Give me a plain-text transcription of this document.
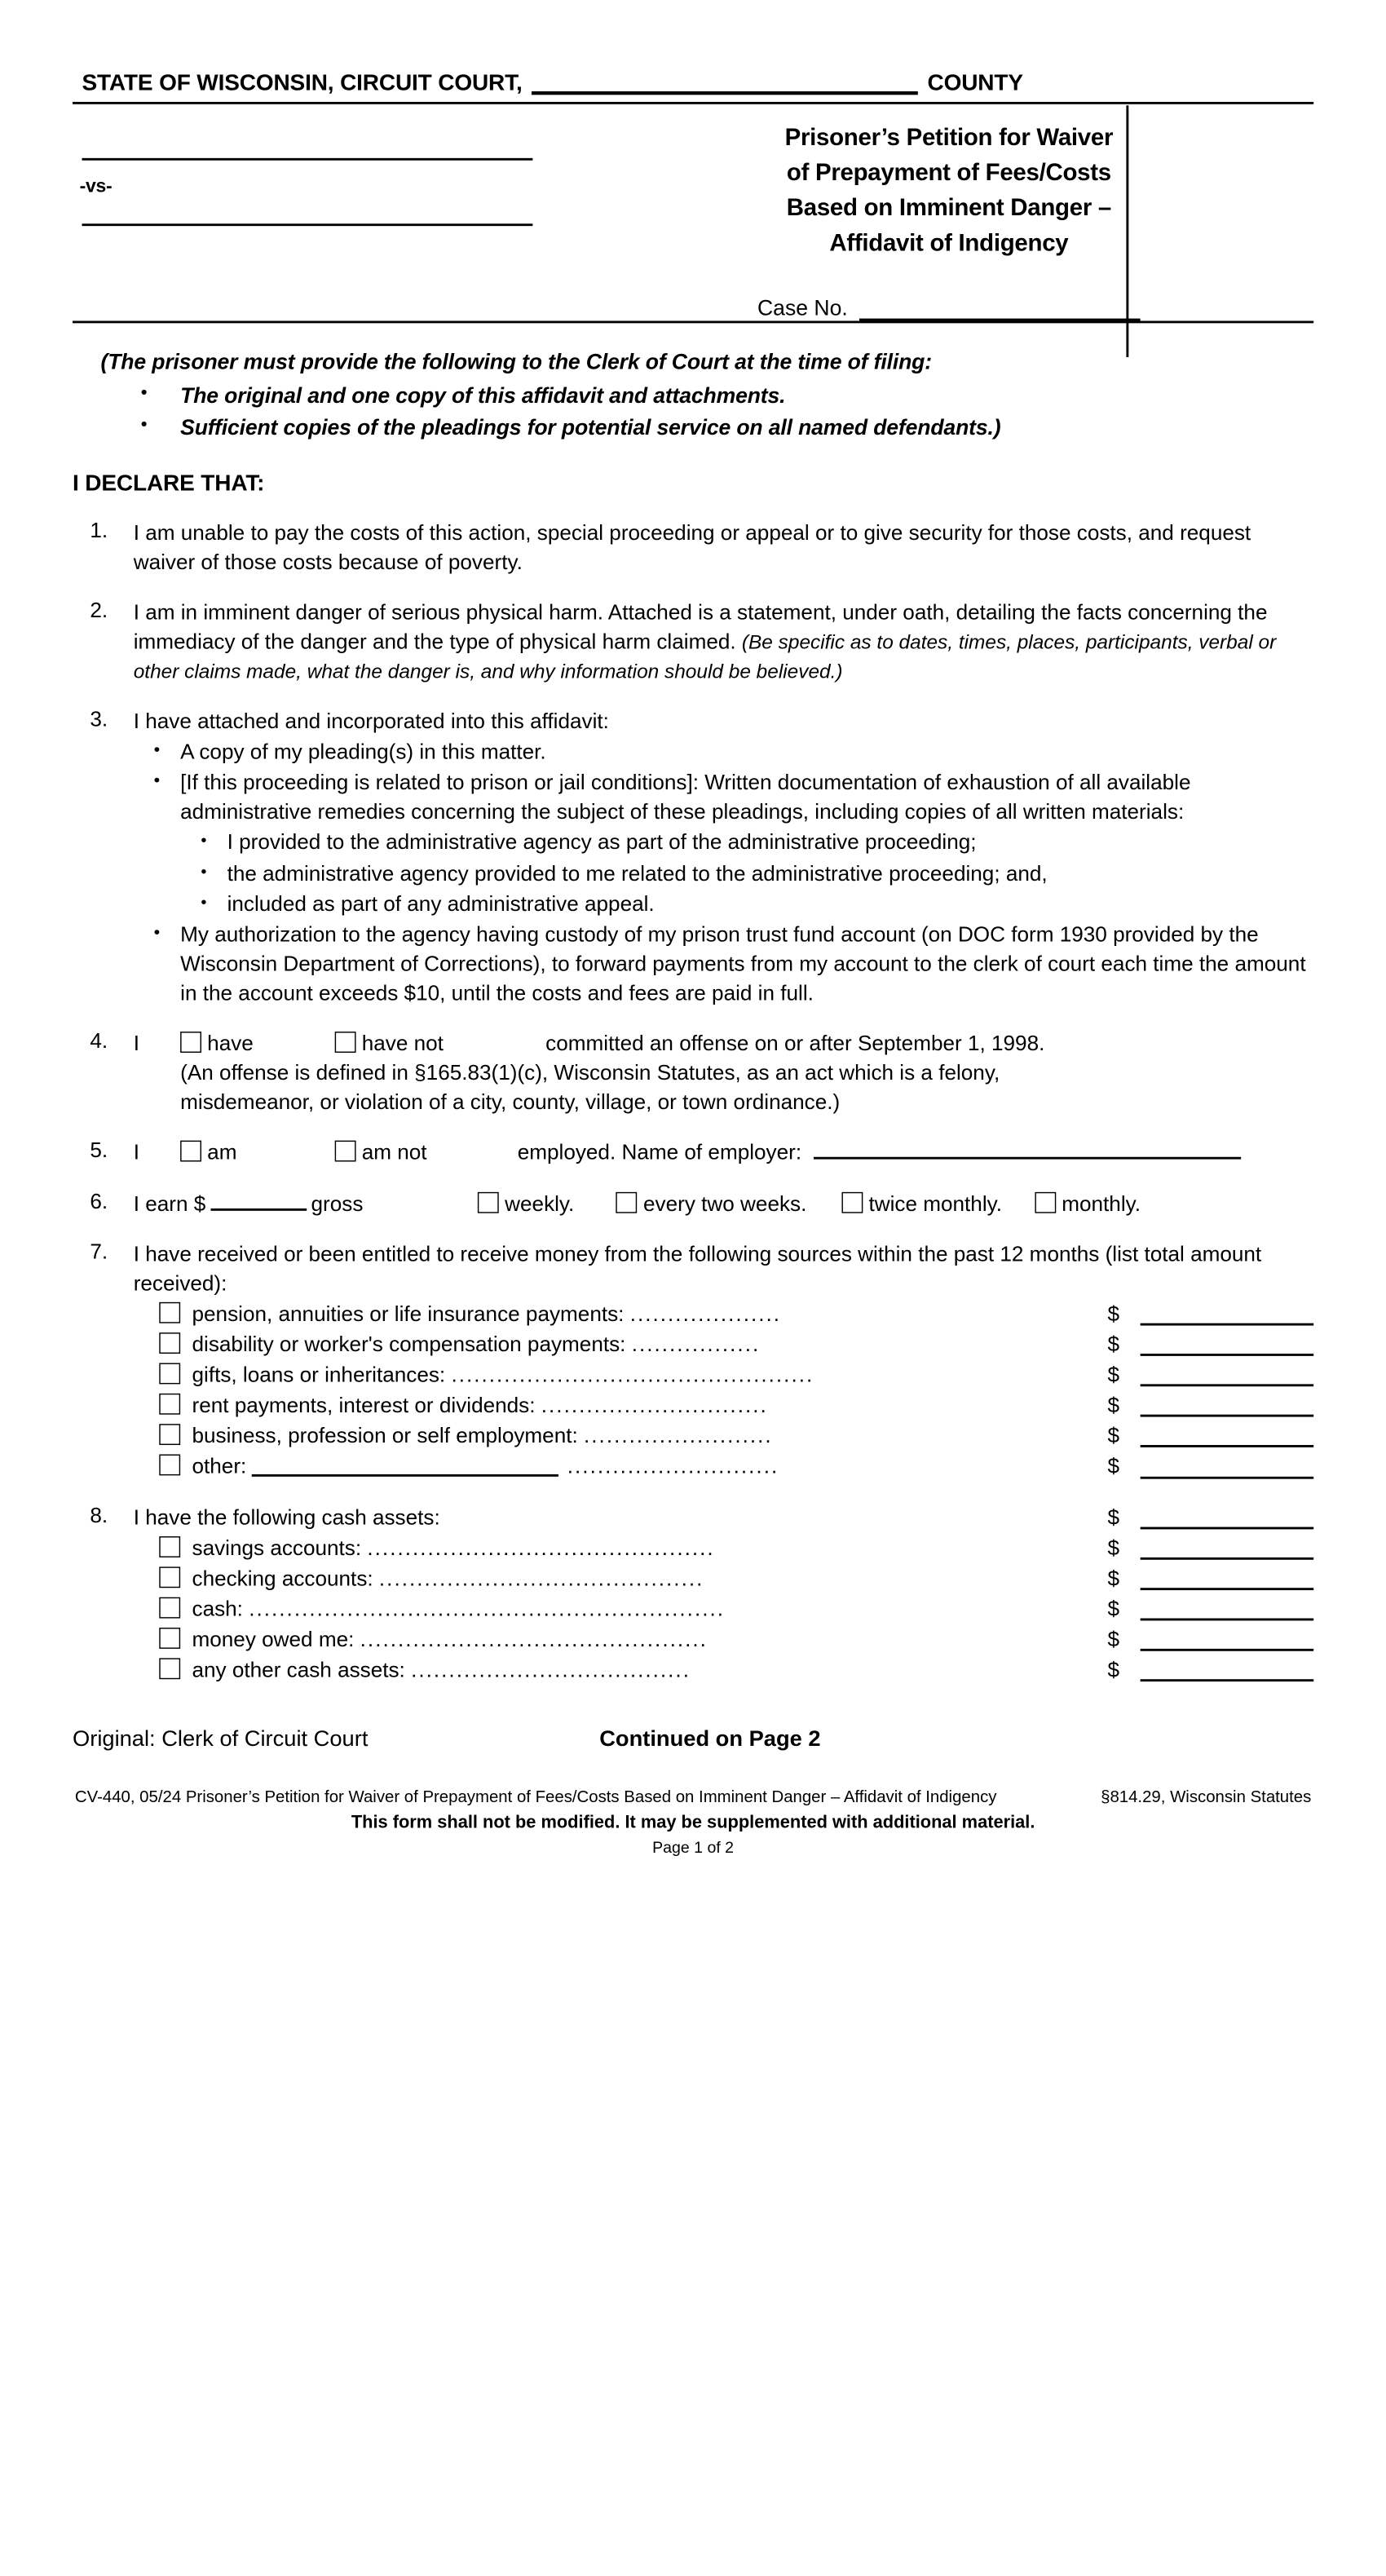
STATE OF WISCONSIN, CIRCUIT COURT,	COUNTY
-vs-
Prisoner’s Petition for Waiver
of Prepayment of Fees/Costs
Based on Imminent Danger –
Affidavit of Indigency
Case No.
(The prisoner must provide the following to the Clerk of Court at the time of filing:
•	The original and one copy of this affidavit and attachments.
•	Sufficient copies of the pleadings for potential service on all named defendants.)
I DECLARE THAT:
1.	I am unable to pay the costs of this action, special proceeding or appeal or to give security for those costs, and request waiver of those costs because of poverty.
2.	I am in imminent danger of serious physical harm. Attached is a statement, under oath, detailing the facts concerning the immediacy of the danger and the type of physical harm claimed. (Be specific as to dates, times, places, participants, verbal or other claims made, what the danger is, and why information should be believed.)
3.	I have attached and incorporated into this affidavit:
•	A copy of my pleading(s) in this matter.
•	[If this proceeding is related to prison or jail conditions]: Written documentation of exhaustion of all available administrative remedies concerning the subject of these pleadings, including copies of all written materials:
•	I provided to the administrative agency as part of the administrative proceeding;
•	the administrative agency provided to me related to the administrative proceeding; and,
•	included as part of any administrative appeal.
•	My authorization to the agency having custody of my prison trust fund account (on DOC form 1930 provided by the Wisconsin Department of Corrections), to forward payments from my account to the clerk of court each time the amount in the account exceeds $10, until the costs and fees are paid in full.
4.	I	have	have not	committed an offense on or after September 1, 1998.
(An offense is defined in §165.83(1)(c), Wisconsin Statutes, as an act which is a felony,
misdemeanor, or violation of a city, county, village, or town ordinance.)
5.	I	am	am not	employed. Name of employer:
6.	I earn $	gross	weekly.	every two weeks.	twice monthly.	monthly.
7.	I have received or been entitled to receive money from the following sources within the past 12 months (list total amount received):
pension, annuities or life insurance payments: ....................	$
disability or worker's compensation payments: .................	$
gifts, loans or inheritances: ................................................	$
rent payments, interest or dividends: ..............................	$
business, profession or self employment: .........................	$
other:	............................	$
8.	I have the following cash assets:	$
savings accounts: ..............................................	$
checking accounts: ...........................................	$
cash: ...............................................................	$
money owed me: ..............................................	$
any other cash assets: .....................................	$
Original: Clerk of Circuit Court	Continued on Page 2
CV-440, 05/24 Prisoner’s Petition for Waiver of Prepayment of Fees/Costs Based on Imminent Danger – Affidavit of Indigency	§814.29, Wisconsin Statutes
This form shall not be modified. It may be supplemented with additional material.
Page 1 of 2
